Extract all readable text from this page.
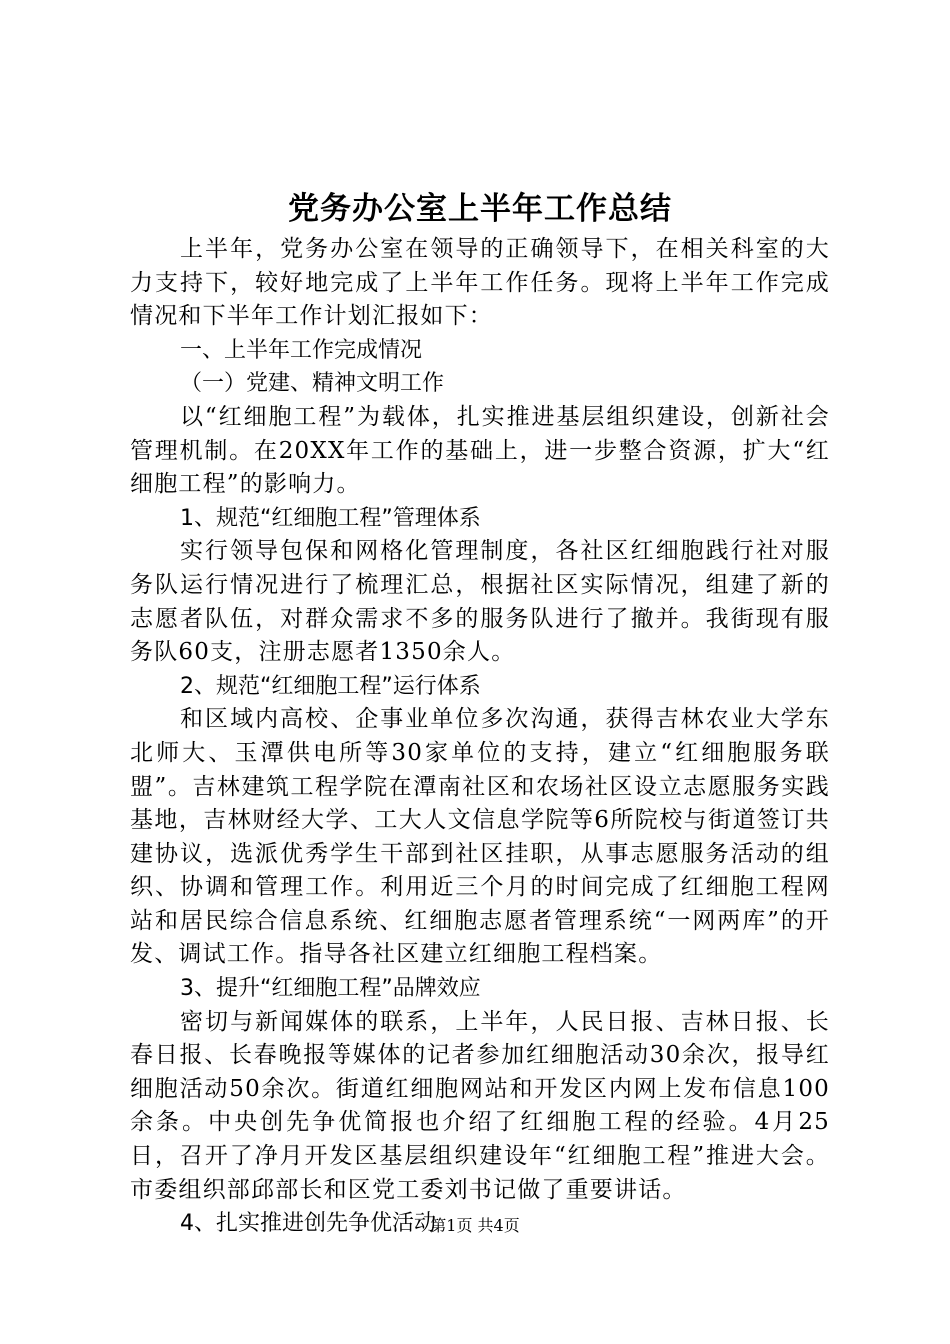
党务办公室上半年工作总结

上半年，党务办公室在领导的正确领导下，在相关科室的大力支持下，较好地完成了上半年工作任务。现将上半年工作完成情况和下半年工作计划汇报如下：

一、上半年工作完成情况

（一）党建、精神文明工作

以“红细胞工程”为载体，扎实推进基层组织建设，创新社会管理机制。在20XX年工作的基础上，进一步整合资源，扩大“红细胞工程”的影响力。

1、规范“红细胞工程”管理体系

实行领导包保和网格化管理制度，各社区红细胞践行社对服务队运行情况进行了梳理汇总，根据社区实际情况，组建了新的志愿者队伍，对群众需求不多的服务队进行了撤并。我街现有服务队60支，注册志愿者1350余人。

2、规范“红细胞工程”运行体系

和区域内高校、企事业单位多次沟通，获得吉林农业大学东北师大、玉潭供电所等30家单位的支持，建立“红细胞服务联盟”。吉林建筑工程学院在潭南社区和农场社区设立志愿服务实践基地，吉林财经大学、工大人文信息学院等6所院校与街道签订共建协议，选派优秀学生干部到社区挂职，从事志愿服务活动的组织、协调和管理工作。利用近三个月的时间完成了红细胞工程网站和居民综合信息系统、红细胞志愿者管理系统“一网两库”的开发、调试工作。指导各社区建立红细胞工程档案。

3、提升“红细胞工程”品牌效应

密切与新闻媒体的联系，上半年，人民日报、吉林日报、长春日报、长春晚报等媒体的记者参加红细胞活动30余次，报导红细胞活动50余次。街道红细胞网站和开发区内网上发布信息100余条。中央创先争优简报也介绍了红细胞工程的经验。4月25日，召开了净月开发区基层组织建设年“红细胞工程”推进大会。市委组织部邱部长和区党工委刘书记做了重要讲话。

4、扎实推进创先争优活动

第1页 共4页
